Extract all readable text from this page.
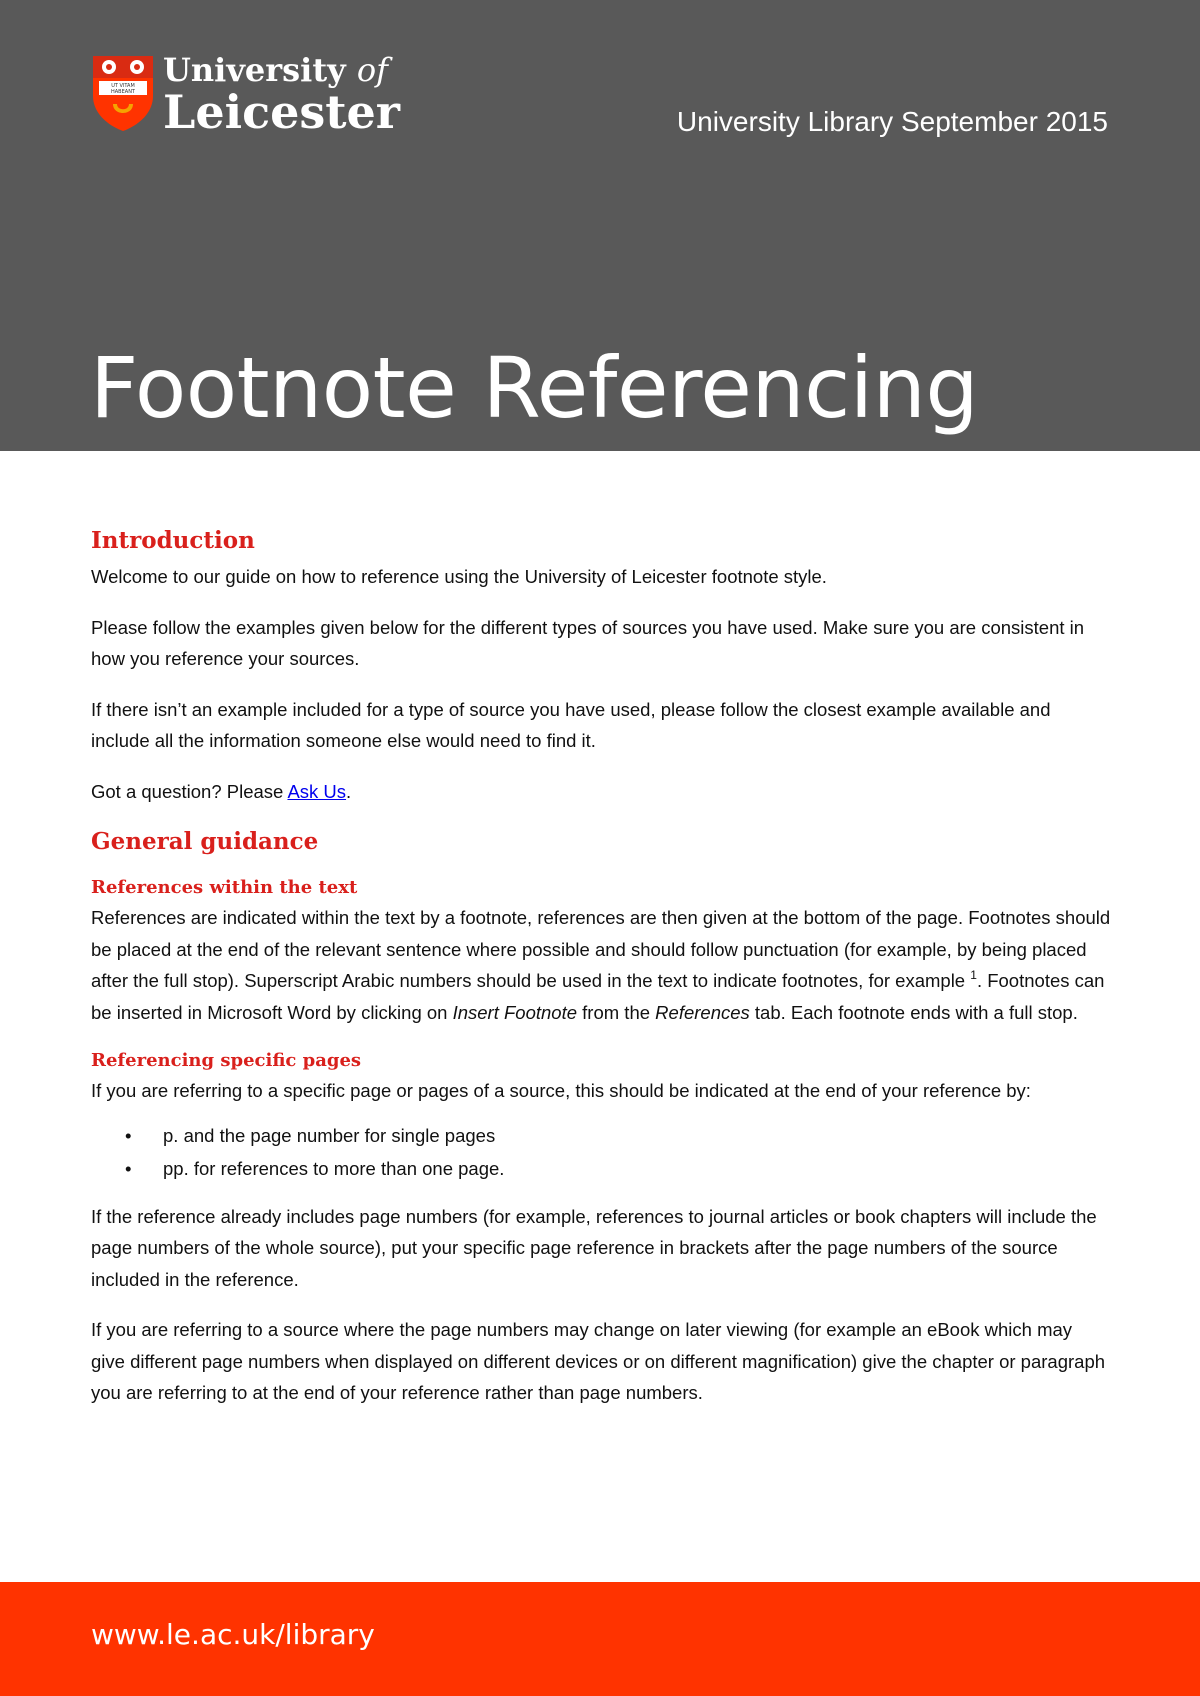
UT VITAM
HABEANT
University of
Leicester	University Library September 2015
Footnote Referencing
Introduction

Welcome to our guide on how to reference using the University of Leicester footnote style.

Please follow the examples given below for the different types of sources you have used. Make sure you are consistent in how you reference your sources.

If there isn’t an example included for a type of source you have used, please follow the closest example available and include all the information someone else would need to find it.

Got a question? Please Ask Us.

General guidance
References within the text

References are indicated within the text by a footnote, references are then given at the bottom of the page. Footnotes should be placed at the end of the relevant sentence where possible and should follow punctuation (for example, by being placed after the full stop). Superscript Arabic numbers should be used in the text to indicate footnotes, for example $^1$. Footnotes can be inserted in Microsoft Word by clicking on Insert Footnote from the References tab. Each footnote ends with a full stop.

Referencing specific pages

If you are referring to a specific page or pages of a source, this should be indicated at the end of your reference by:

• p. and the page number for single pages
• pp. for references to more than one page.

If the reference already includes page numbers (for example, references to journal articles or book chapters will include the page numbers of the whole source), put your specific page reference in brackets after the page numbers of the source included in the reference.

If you are referring to a source where the page numbers may change on later viewing (for example an eBook which may give different page numbers when displayed on different devices or on different magnification) give the chapter or paragraph you are referring to at the end of your reference rather than page numbers.

www.le.ac.uk/library
